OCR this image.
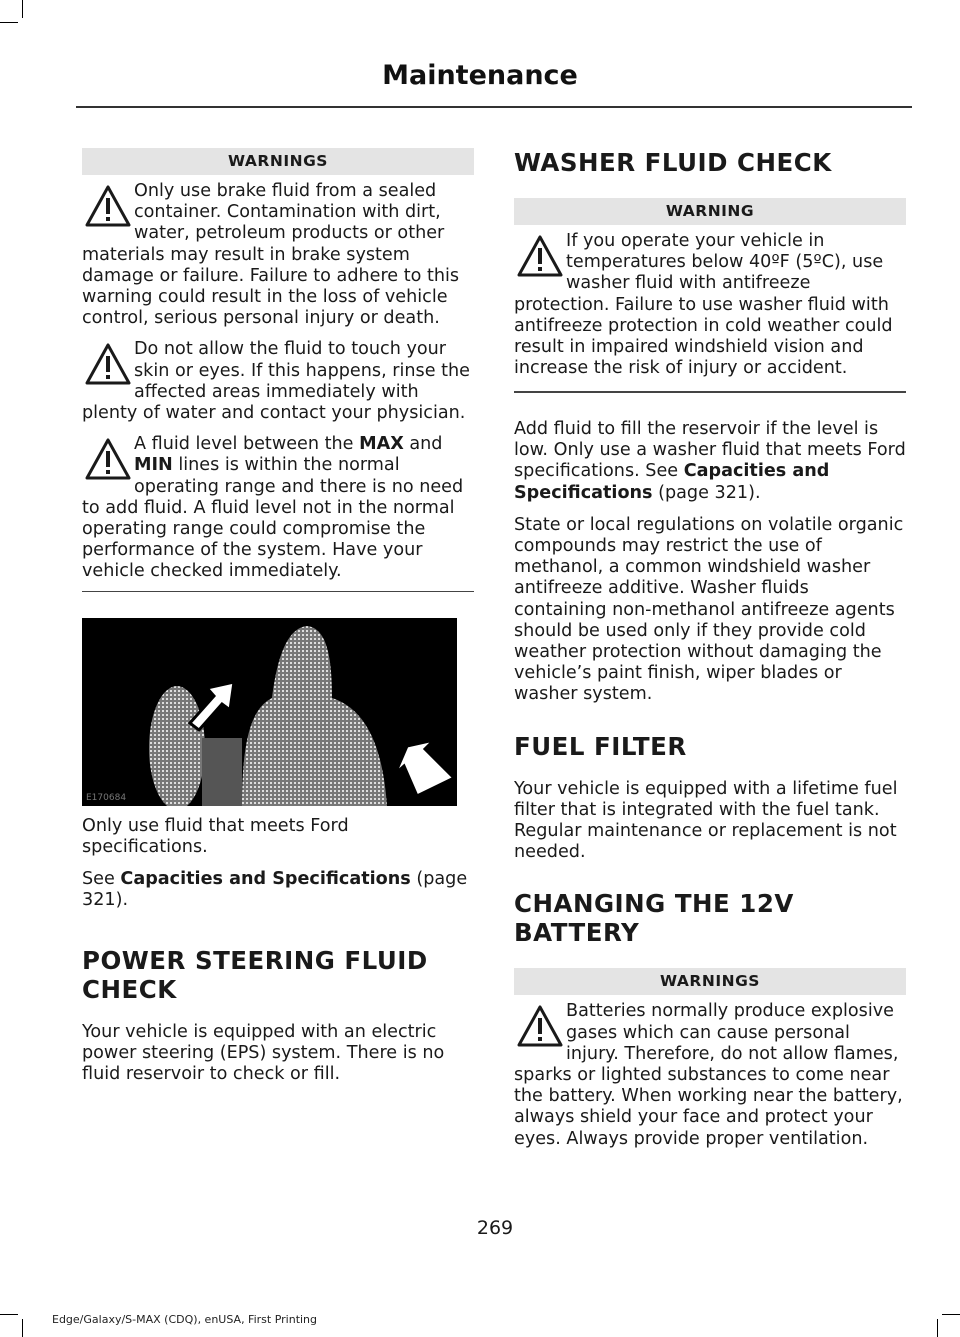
Maintenance
WARNINGS

Only use brake fluid from a sealed container. Contamination with dirt, water, petroleum products or other materials may result in brake system damage or failure. Failure to adhere to this warning could result in the loss of vehicle control, serious personal injury or death.

Do not allow the fluid to touch your skin or eyes. If this happens, rinse the affected areas immediately with plenty of water and contact your physician.

A fluid level between the MAX and MIN lines is within the normal operating range and there is no need to add fluid. A fluid level not in the normal operating range could compromise the performance of the system. Have your vehicle checked immediately.

E170684

Only use fluid that meets Ford specifications.

See Capacities and Specifications (page 321).

POWER STEERING FLUID

CHECK

Your vehicle is equipped with an electric power steering (EPS) system. There is no fluid reservoir to check or fill.

WASHER FLUID CHECK

WARNING

If you operate your vehicle in temperatures below 40ºF (5ºC), use washer fluid with antifreeze protection. Failure to use washer fluid with antifreeze protection in cold weather could result in impaired windshield vision and increase the risk of injury or accident.

Add fluid to fill the reservoir if the level is low. Only use a washer fluid that meets Ford specifications. See Capacities and Specifications (page 321).

State or local regulations on volatile organic compounds may restrict the use of methanol, a common windshield washer antifreeze additive. Washer fluids containing non-methanol antifreeze agents should be used only if they provide cold weather protection without damaging the vehicle’s paint finish, wiper blades or washer system.

FUEL FILTER

Your vehicle is equipped with a lifetime fuel filter that is integrated with the fuel tank. Regular maintenance or replacement is not needed.

CHANGING THE 12V BATTERY

WARNINGS

Batteries normally produce explosive gases which can cause personal injury. Therefore, do not allow flames, sparks or lighted substances to come near the battery. When working near the battery, always shield your face and protect your eyes. Always provide proper ventilation.

269
Edge/Galaxy/S-MAX (CDQ), enUSA, First Printing
